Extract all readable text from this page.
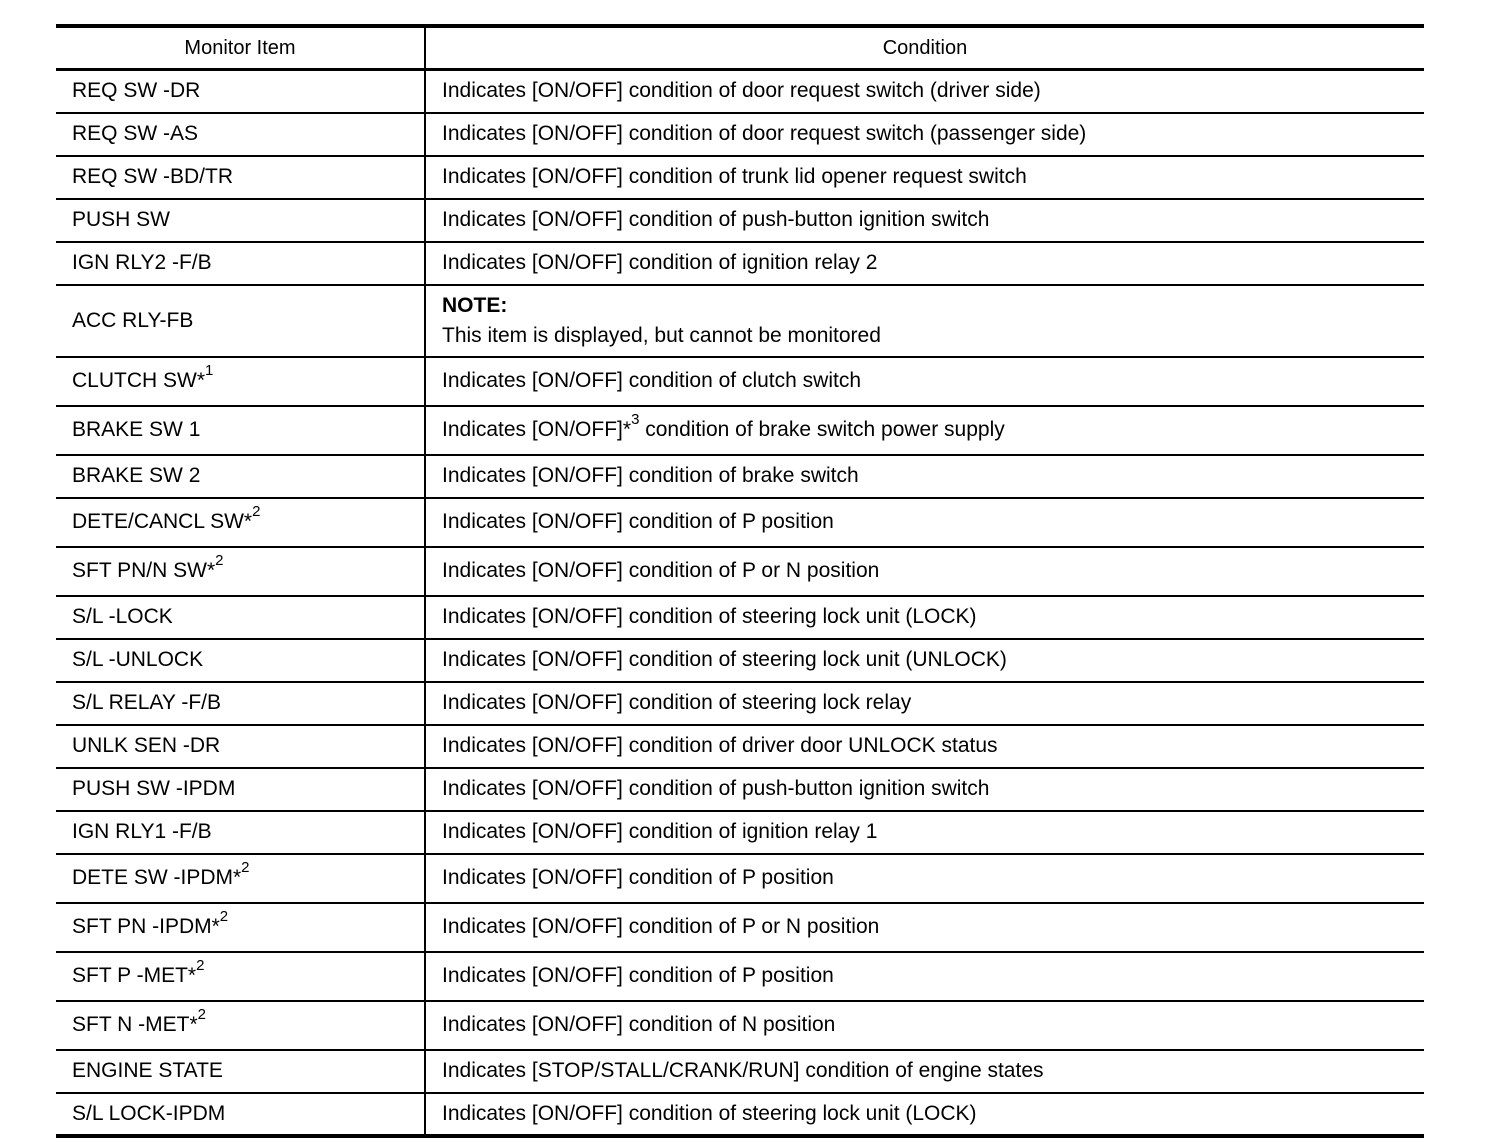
Monitor Item	Condition
REQ SW -DR	Indicates [ON/OFF] condition of door request switch (driver side)
REQ SW -AS	Indicates [ON/OFF] condition of door request switch (passenger side)
REQ SW -BD/TR	Indicates [ON/OFF] condition of trunk lid opener request switch
PUSH SW	Indicates [ON/OFF] condition of push-button ignition switch
IGN RLY2 -F/B	Indicates [ON/OFF] condition of ignition relay 2
ACC RLY-FB	NOTE:
This item is displayed, but cannot be monitored

CLUTCH SW*$^1$	Indicates [ON/OFF] condition of clutch switch
BRAKE SW 1	Indicates [ON/OFF]*$^3$ condition of brake switch power supply
BRAKE SW 2	Indicates [ON/OFF] condition of brake switch
DETE/CANCL SW*$^2$	Indicates [ON/OFF] condition of P position
SFT PN/N SW*$^2$	Indicates [ON/OFF] condition of P or N position
S/L -LOCK	Indicates [ON/OFF] condition of steering lock unit (LOCK)
S/L -UNLOCK	Indicates [ON/OFF] condition of steering lock unit (UNLOCK)
S/L RELAY -F/B	Indicates [ON/OFF] condition of steering lock relay
UNLK SEN -DR	Indicates [ON/OFF] condition of driver door UNLOCK status
PUSH SW -IPDM	Indicates [ON/OFF] condition of push-button ignition switch
IGN RLY1 -F/B	Indicates [ON/OFF] condition of ignition relay 1
DETE SW -IPDM*$^2$	Indicates [ON/OFF] condition of P position
SFT PN -IPDM*$^2$	Indicates [ON/OFF] condition of P or N position
SFT P -MET*$^2$	Indicates [ON/OFF] condition of P position
SFT N -MET*$^2$	Indicates [ON/OFF] condition of N position
ENGINE STATE	Indicates [STOP/STALL/CRANK/RUN] condition of engine states
S/L LOCK-IPDM	Indicates [ON/OFF] condition of steering lock unit (LOCK)
